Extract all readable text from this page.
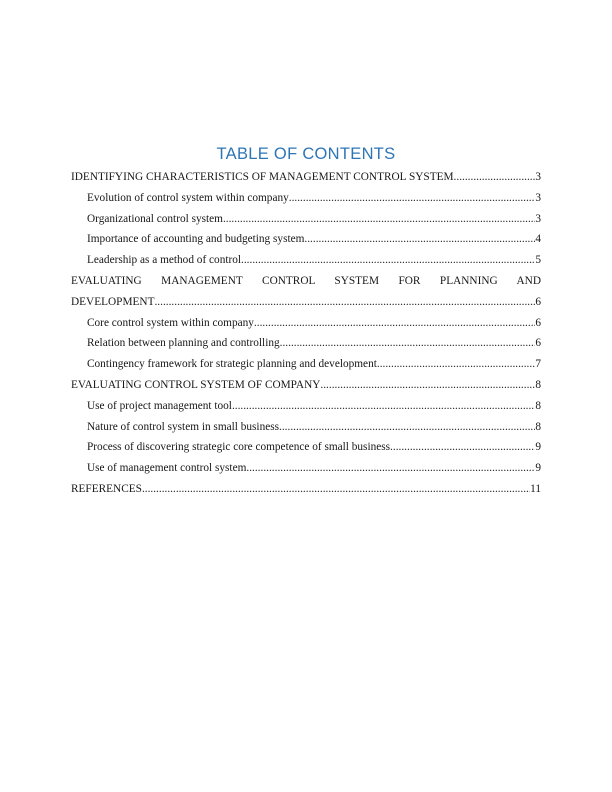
TABLE OF CONTENTS
IDENTIFYING CHARACTERISTICS OF MANAGEMENT CONTROL SYSTEM .....	3
Evolution of control system within company .....	3
Organizational control system .....	3
Importance of accounting and budgeting system .....	4
Leadership as a method of control .....	5
EVALUATING MANAGEMENT CONTROL SYSTEM FOR PLANNING AND
DEVELOPMENT .....	6
Core control system within company .....	6
Relation between planning and controlling .....	6
Contingency framework for strategic planning and development .....	7
EVALUATING CONTROL SYSTEM OF COMPANY .....	8
Use of project management tool .....	8
Nature of control system in small business .....	8
Process of discovering strategic core competence of small business .....	9
Use of management control system .....	9
REFERENCES .....	11
